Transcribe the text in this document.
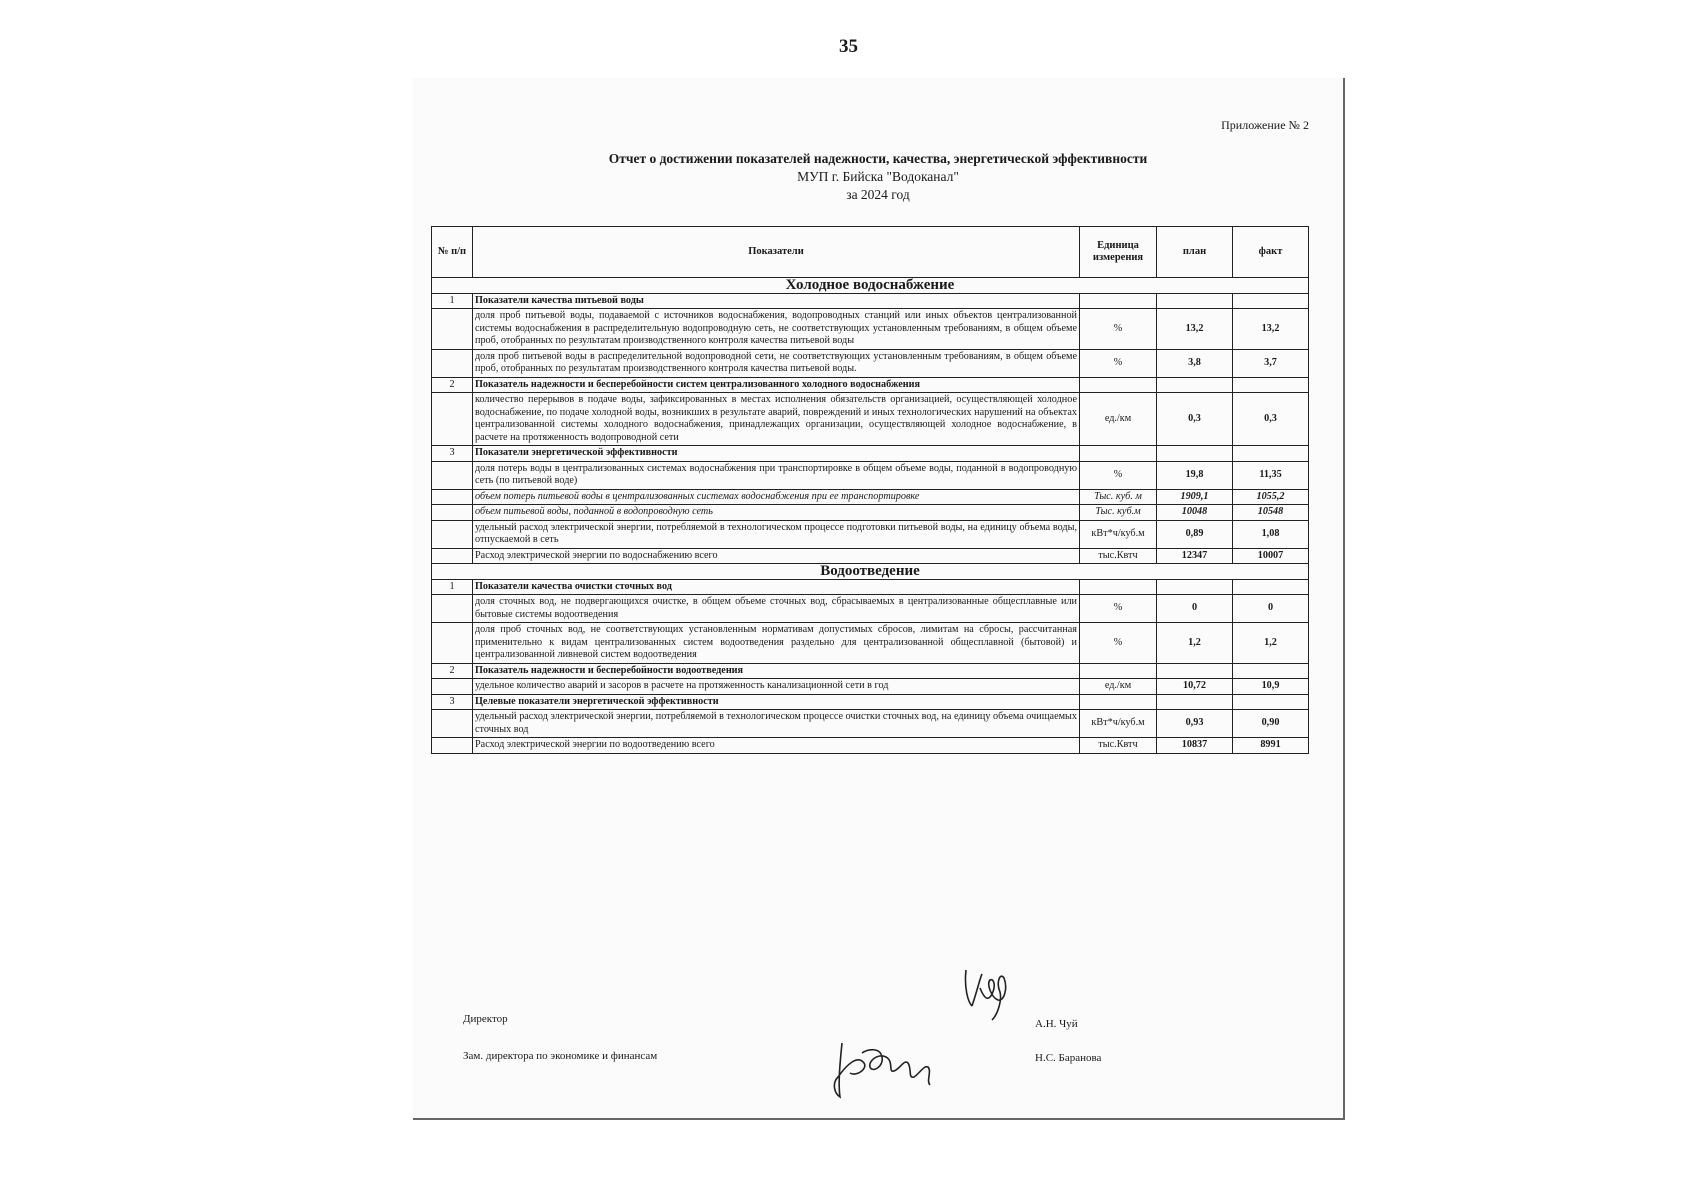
35
Приложение № 2
Отчет о достижении показателей надежности, качества, энергетической эффективности
МУП г. Бийска "Водоканал"
за 2024 год
№ п/п	Показатели	Единица измерения	план	факт
Холодное водоснабжение				
1	Показатели качества питьевой воды			
	доля проб питьевой воды, подаваемой с источников водоснабжения, водопроводных станций или иных объектов централизованной системы водоснабжения в распределительную водопроводную сеть, не соответствующих установленным требованиям, в общем объеме проб, отобранных по результатам производственного контроля качества питьевой воды	%	13,2	13,2
	доля проб питьевой воды в распределительной водопроводной сети, не соответствующих установленным требованиям, в общем объеме проб, отобранных по результатам производственного контроля качества питьевой воды.	%	3,8	3,7
2	Показатель надежности и бесперебойности систем централизованного холодного водоснабжения			
	количество перерывов в подаче воды, зафиксированных в местах исполнения обязательств организацией, осуществляющей холодное водоснабжение, по подаче холодной воды, возникших в результате аварий, повреждений и иных технологических нарушений на объектах централизованной системы холодного водоснабжения, принадлежащих организации, осуществляющей холодное водоснабжение, в расчете на протяженность водопроводной сети	ед./км	0,3	0,3
3	Показатели энергетической эффективности			
	доля потерь воды в централизованных системах водоснабжения при транспортировке в общем объеме воды, поданной в водопроводную сеть (по питьевой воде)	%	19,8	11,35
	объем потерь питьевой воды в централизованных системах водоснабжения при ее транспортировке	Тыс. куб. м	1909,1	1055,2
	объем питьевой воды, поданной в водопроводную сеть	Тыс. куб.м	10048	10548
	удельный расход электрической энергии, потребляемой в технологическом процессе подготовки питьевой воды, на единицу объема воды, отпускаемой в сеть	кВт*ч/куб.м	0,89	1,08
	Расход электрической энергии по водоснабжению всего	тыс.Квтч	12347	10007
Водоотведение				
1	Показатели качества очистки сточных вод			
	доля сточных вод, не подвергающихся очистке, в общем объеме сточных вод, сбрасываемых в централизованные общесплавные или бытовые системы водоотведения	%	0	0
	доля проб сточных вод, не соответствующих установленным нормативам допустимых сбросов, лимитам на сбросы, рассчитанная применительно к видам централизованных систем водоотведения раздельно для централизованной общесплавной (бытовой) и централизованной ливневой систем водоотведения	%	1,2	1,2
2	Показатель надежности и бесперебойности водоотведения			
	удельное количество аварий и засоров в расчете на протяженность канализационной сети в год	ед./км	10,72	10,9
3	Целевые показатели энергетической эффективности			
	удельный расход электрической энергии, потребляемой в технологическом процессе очистки сточных вод, на единицу объема очищаемых сточных вод	кВт*ч/куб.м	0,93	0,90
	Расход электрической энергии по водоотведению всего	тыс.Квтч	10837	8991
Директор
Зам. директора по экономике и финансам
А.Н. Чуй
Н.С. Баранова
